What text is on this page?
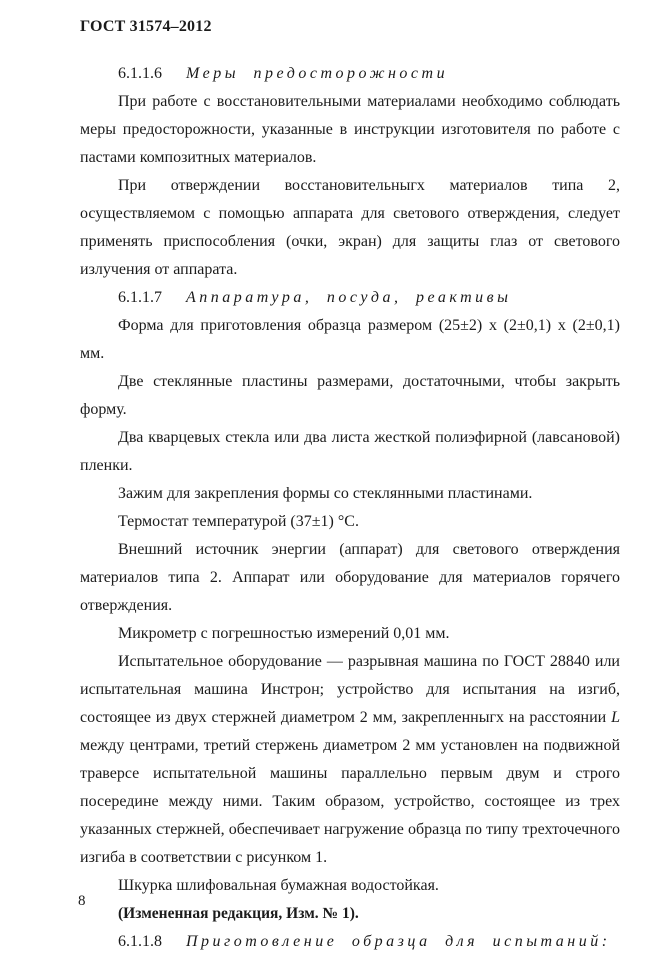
ГОСТ 31574–2012
6.1.1.6 Меры предосторожности
При работе с восстановительными материалами необходимо соблюдать
меры предосторожности, указанные в инструкции изготовителя по работе с
пастами композитных материалов.
При отверждении восстановительныгх материалов типа 2,
осуществляемом с помощью аппарата для светового отверждения, следует
применять приспособления (очки, экран) для защиты глаз от светового
излучения от аппарата.
6.1.1.7 Аппаратура, посуда, реактивы
Форма для приготовления образца размером (25±2) х (2±0,1) х (2±0,1) мм.
Две стеклянные пластины размерами, достаточными, чтобы закрыть
форму.
Два кварцевых стекла или два листа жесткой полиэфирной (лавсановой)
пленки.
Зажим для закрепления формы со стеклянными пластинами.
Термостат температурой (37±1) °С.
Внешний источник энергии (аппарат) для светового отверждения
материалов типа 2. Аппарат или оборудование для материалов горячего
отверждения.
Микрометр с погрешностью измерений 0,01 мм.
Испытательное оборудование — разрывная машина по ГОСТ 28840 или
испытательная машина Инстрон; устройство для испытания на изгиб,
состоящее из двух стержней диаметром 2 мм, закрепленныгх на расстоянии L
между центрами, третий стержень диаметром 2 мм установлен на подвижной
траверсе испытательной машины параллельно первым двум и строго
посередине между ними. Таким образом, устройство, состоящее из трех
указанных стержней, обеспечивает нагружение образца по типу трехточечного
изгиба в соответствии с рисунком 1.
Шкурка шлифовальная бумажная водостойкая.
(Измененная редакция, Изм. № 1).
6.1.1.8 Приготовление образца для испытаний:
8
